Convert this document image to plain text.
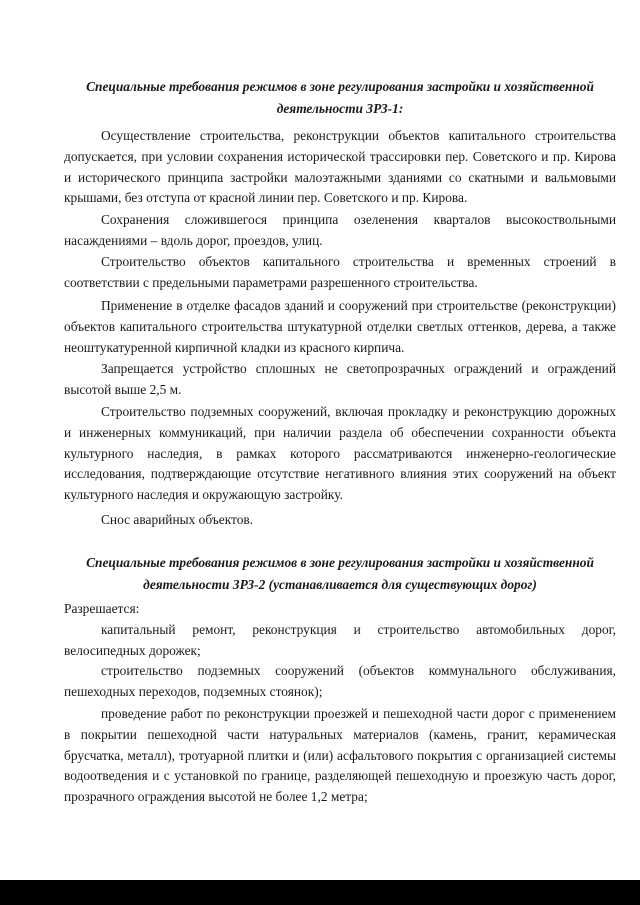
Специальные требования режимов в зоне регулирования застройки и хозяйственной

деятельности ЗРЗ-1:

Осуществление строительства, реконструкции объектов капитального строительства допускается, при условии сохранения исторической трассировки пер. Советского и пр. Кирова и исторического принципа застройки малоэтажными зданиями со скатными и вальмовыми крышами, без отступа от красной линии пер. Советского и пр. Кирова.

Сохранения сложившегося принципа озеленения кварталов высокоствольными насаждениями – вдоль дорог, проездов, улиц.

Строительство объектов капитального строительства и временных строений в соответствии с предельными параметрами разрешенного строительства.

Применение в отделке фасадов зданий и сооружений при строительстве (реконструкции) объектов капитального строительства штукатурной отделки светлых оттенков, дерева, а также неоштукатуренной кирпичной кладки из красного кирпича.

Запрещается устройство сплошных не светопрозрачных ограждений и ограждений высотой выше 2,5 м.

Строительство подземных сооружений, включая прокладку и реконструкцию дорожных и инженерных коммуникаций, при наличии раздела об обеспечении сохранности объекта культурного наследия, в рамках которого рассматриваются инженерно-геологические исследования, подтверждающие отсутствие негативного влияния этих сооружений на объект культурного наследия и окружающую застройку.

Снос аварийных объектов.

Специальные требования режимов в зоне регулирования застройки и хозяйственной

деятельности ЗРЗ-2 (устанавливается для существующих дорог)

Разрешается:

капитальный ремонт, реконструкция и строительство автомобильных дорог, велосипедных дорожек;

строительство подземных сооружений (объектов коммунального обслуживания, пешеходных переходов, подземных стоянок);

проведение работ по реконструкции проезжей и пешеходной части дорог с применением в покрытии пешеходной части натуральных материалов (камень, гранит, керамическая брусчатка, металл), тротуарной плитки и (или) асфальтового покрытия с организацией системы водоотведения и с установкой по границе, разделяющей пешеходную и проезжую часть дорог, прозрачного ограждения высотой не более 1,2 метра;
